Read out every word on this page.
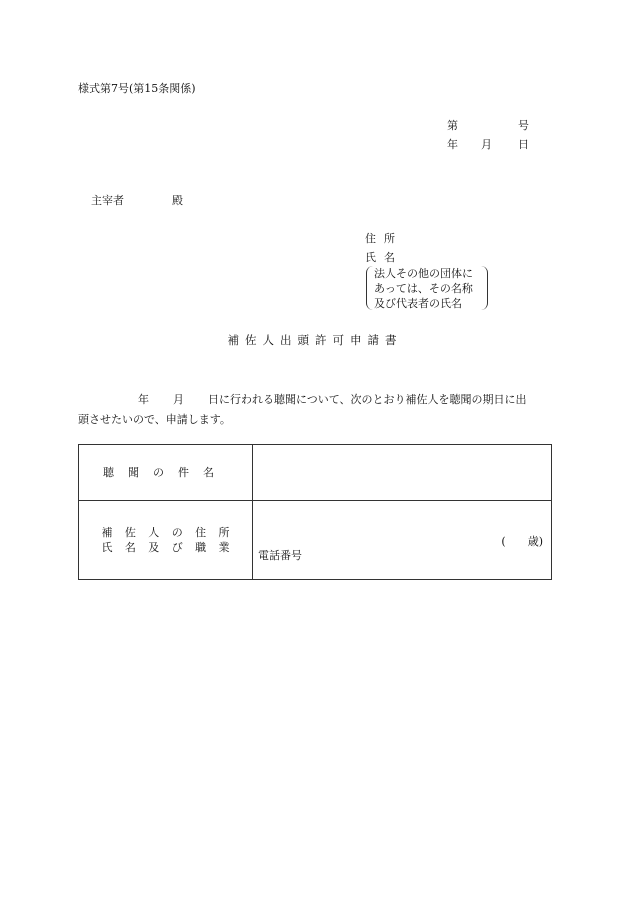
様式第7号(第15条関係)
第	号
年 月 日
主宰者	殿
住所
氏名
法人その他の団体に
あっては、その名称
及び代表者の氏名
補佐人出頭許可申請書
年 月 日に行われる聴聞について、次のとおり補佐人を聴聞の期日に出
頭させたいので、申請します。
聴聞の件名	

補佐人の住所
氏名及び職業	( 歳)
電話番号
